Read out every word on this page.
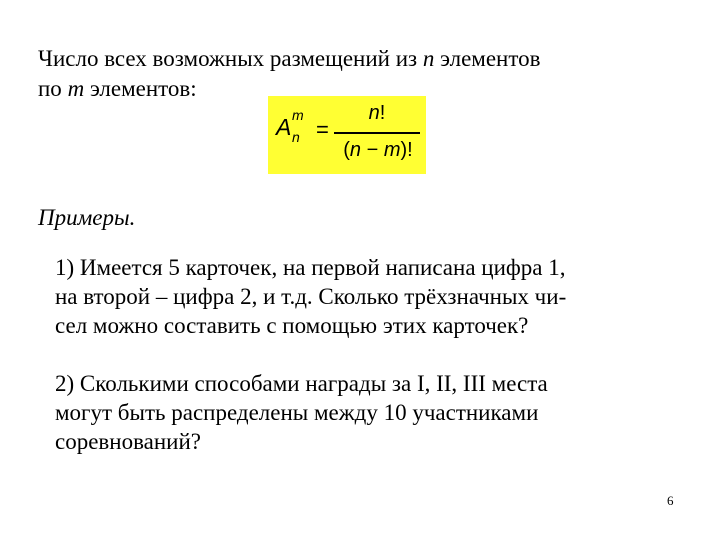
Число всех возможных размещений из n элементов
по m элементов:
A m
n =
n!
(n − m)!
Примеры.
1) Имеется 5 карточек, на первой написана цифра 1,
на второй – цифра 2, и т.д. Сколько трёхзначных чи-
сел можно составить с помощью этих карточек?
2) Сколькими способами награды за I, II, III места
могут быть распределены между 10 участниками
соревнований?
6
